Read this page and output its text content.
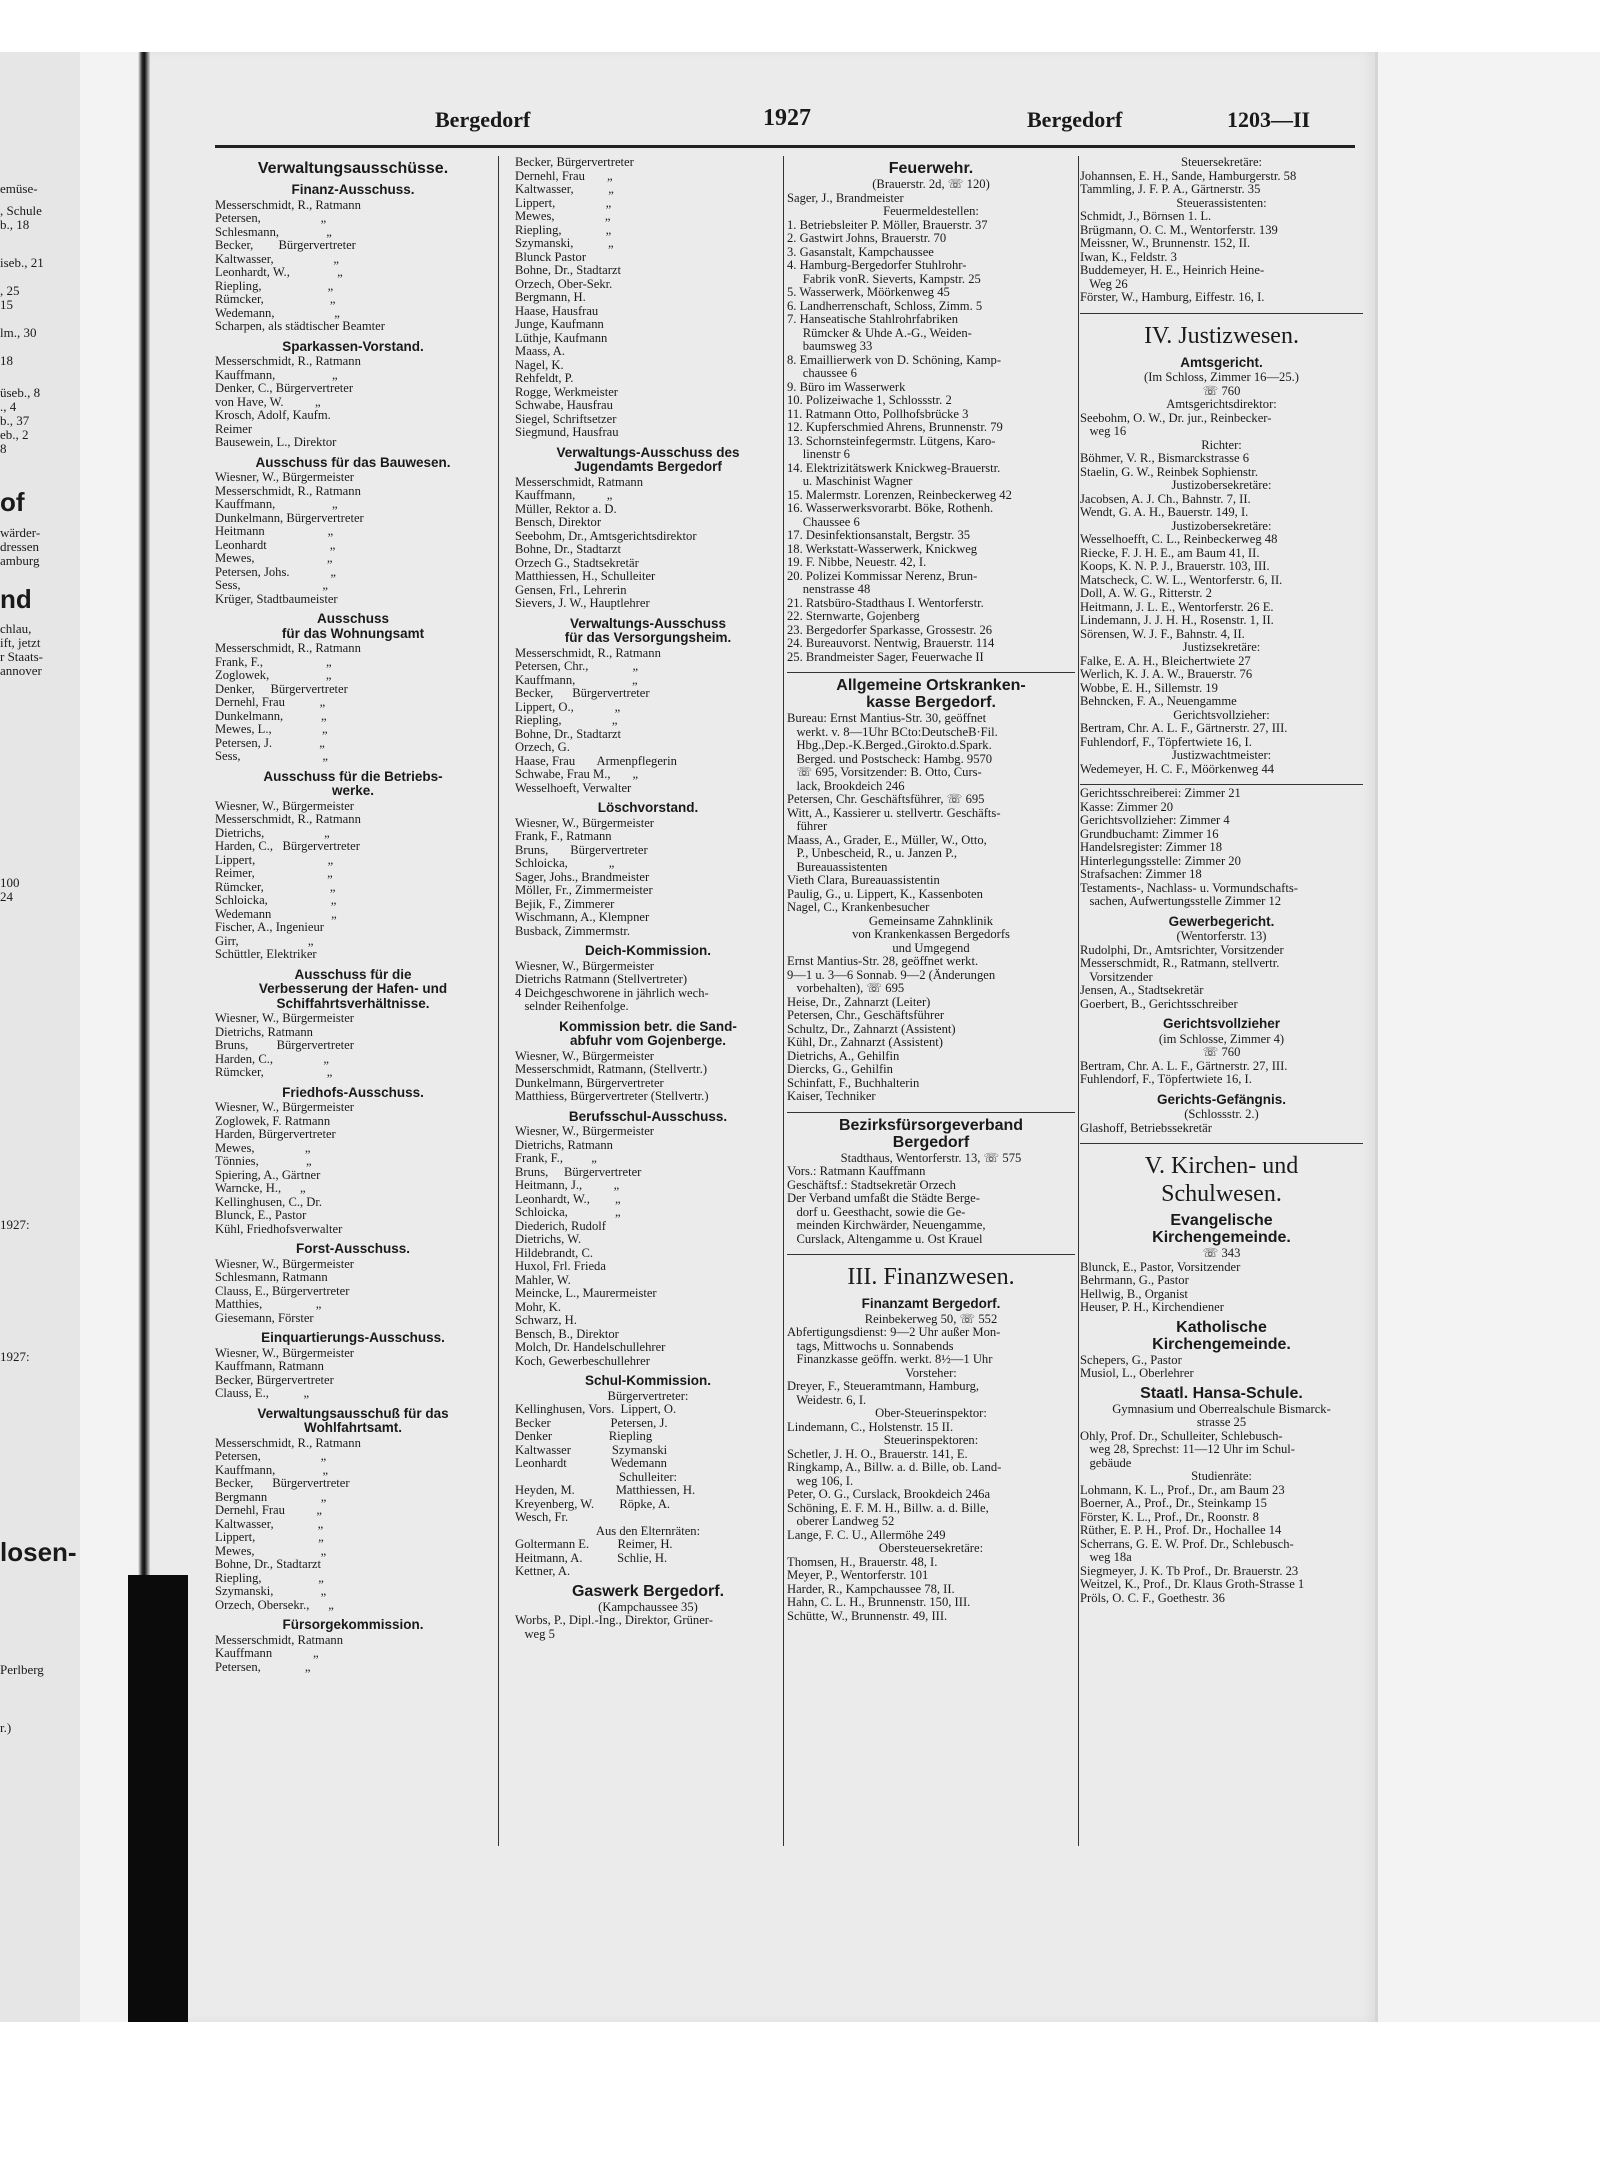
emüse-
, Schule
b., 18
iseb., 21
, 25
15
lm., 30
18
üseb., 8
., 4
b., 37
eb., 2
8
of
wärder-
dressen
amburg
nd
chlau,
ift, jetzt
r Staats-
annover
100
24
1927:
1927:
losen-
Perlberg
r.)
Bergedorf	1927	Bergedorf	1203—II
Verwaltungsausschüsse.
Finanz-Ausschuss.
Messerschmidt, R., Ratmann
Petersen,                   „
Schlesmann,               „
Becker,        Bürgervertreter
Kaltwasser,                   „
Leonhardt, W.,               „
Riepling,                     „
Rümcker,                     „
Wedemann,                   „
Scharpen, als städtischer Beamter
Sparkassen-Vorstand.
Messerschmidt, R., Ratmann
Kauffmann,                  „
Denker, C., Bürgervertreter
von Have, W.          „
Krosch, Adolf, Kaufm.
Reimer
Bausewein, L., Direktor
Ausschuss für das Bauwesen.
Wiesner, W., Bürgermeister
Messerschmidt, R., Ratmann
Kauffmann,                  „
Dunkelmann, Bürgervertreter
Heitmann                    „
Leonhardt                    „
Mewes,                       „
Petersen, Johs.             „
Sess,                          „
Krüger, Stadtbaumeister
Ausschuss
für das Wohnungsamt
Messerschmidt, R., Ratmann
Frank, F.,                    „
Zoglowek,                  „
Denker,     Bürgervertreter
Dernehl, Frau           „
Dunkelmann,            „
Mewes, L.,                „
Petersen, J.               „
Sess,                          „
Ausschuss für die Betriebs-
werke.
Wiesner, W., Bürgermeister
Messerschmidt, R., Ratmann
Dietrichs,                   „
Harden, C.,   Bürgervertreter
Lippert,                       „
Reimer,                       „
Rümcker,                     „
Schloicka,                    „
Wedemann                   „
Fischer, A., Ingenieur
Girr,                      „
Schüttler, Elektriker
Ausschuss für die
Verbesserung der Hafen- und
Schiffahrtsverhältnisse.
Wiesner, W., Bürgermeister
Dietrichs, Ratmann
Bruns,         Bürgervertreter
Harden, C.,                „
Rümcker,                    „
Friedhofs-Ausschuss.
Wiesner, W., Bürgermeister
Zoglowek, F. Ratmann
Harden, Bürgervertreter
Mewes,                „
Tönnies,               „
Spiering, A., Gärtner
Warncke, H.,      „
Kellinghusen, C., Dr.
Blunck, E., Pastor
Kühl, Friedhofsverwalter
Forst-Ausschuss.
Wiesner, W., Bürgermeister
Schlesmann, Ratmann
Clauss, E., Bürgervertreter
Matthies,                 „
Giesemann, Förster
Einquartierungs-Ausschuss.
Wiesner, W., Bürgermeister
Kauffmann, Ratmann
Becker, Bürgervertreter
Clauss, E.,           „
Verwaltungsausschuß für das
Wohlfahrtsamt.
Messerschmidt, R., Ratmann
Petersen,                   „
Kauffmann,               „
Becker,      Bürgervertreter
Bergmann                 „
Dernehl, Frau          „
Kaltwasser,              „
Lippert,                    „
Mewes,                     „
Bohne, Dr., Stadtarzt
Riepling,                  „
Szymanski,               „
Orzech, Obersekr.,      „
Fürsorgekommission.
Messerschmidt, Ratmann
Kauffmann             „
Petersen,              „
Becker, Bürgervertreter
Dernehl, Frau       „
Kaltwasser,           „
Lippert,                „
Mewes,                „
Riepling,              „
Szymanski,           „
Blunck Pastor
Bohne, Dr., Stadtarzt
Orzech, Ober-Sekr.
Bergmann, H.
Haase, Hausfrau
Junge, Kaufmann
Lüthje, Kaufmann
Maass, A.
Nagel, K.
Rehfeldt, P.
Rogge, Werkmeister
Schwabe, Hausfrau
Siegel, Schriftsetzer
Siegmund, Hausfrau
Verwaltungs-Ausschuss des
Jugendamts Bergedorf
Messerschmidt, Ratmann
Kauffmann,          „
Müller, Rektor a. D.
Bensch, Direktor
Seebohm, Dr., Amtsgerichtsdirektor
Bohne, Dr., Stadtarzt
Orzech G., Stadtsekretär
Matthiessen, H., Schulleiter
Gensen, Frl., Lehrerin
Sievers, J. W., Hauptlehrer
Verwaltungs-Ausschuss
für das Versorgungsheim.
Messerschmidt, R., Ratmann
Petersen, Chr.,              „
Kauffmann,                  „
Becker,      Bürgervertreter
Lippert, O.,             „
Riepling,                „
Bohne, Dr., Stadtarzt
Orzech, G.
Haase, Frau       Armenpflegerin
Schwabe, Frau M.,       „
Wesselhoeft, Verwalter
Löschvorstand.
Wiesner, W., Bürgermeister
Frank, F., Ratmann
Bruns,       Bürgervertreter
Schloicka,             „
Sager, Johs., Brandmeister
Möller, Fr., Zimmermeister
Bejik, F., Zimmerer
Wischmann, A., Klempner
Busback, Zimmermstr.
Deich-Kommission.
Wiesner, W., Bürgermeister
Dietrichs Ratmann (Stellvertreter)
4 Deichgeschworene in jährlich wech-
selnder Reihenfolge.
Kommission betr. die Sand-
abfuhr vom Gojenberge.
Wiesner, W., Bürgermeister
Messerschmidt, Ratmann, (Stellvertr.)
Dunkelmann, Bürgervertreter
Matthiess, Bürgervertreter (Stellvertr.)
Berufsschul-Ausschuss.
Wiesner, W., Bürgermeister
Dietrichs, Ratmann
Frank, F.,         „
Bruns,     Bürgervertreter
Heitmann, J.,          „
Leonhardt, W.,        „
Schloicka,               „
Diederich, Rudolf
Dietrichs, W.
Hildebrandt, C.
Huxol, Frl. Frieda
Mahler, W.
Meincke, L., Maurermeister
Mohr, K.
Schwarz, H.
Bensch, B., Direktor
Molch, Dr. Handelschullehrer
Koch, Gewerbeschullehrer
Schul-Kommission.
Bürgervertreter:
Kellinghusen, Vors.  Lippert, O.
Becker                   Petersen, J.
Denker                  Riepling
Kaltwasser             Szymanski
Leonhardt              Wedemann
Schulleiter:
Heyden, M.             Matthiessen, H.
Kreyenberg, W.        Röpke, A.
Wesch, Fr.
Aus den Elternräten:
Goltermann E.         Reimer, H.
Heitmann, A.           Schlie, H.
Kettner, A.
Gaswerk Bergedorf.
(Kampchaussee 35)
Worbs, P., Dipl.-Ing., Direktor, Grüner-
weg 5
Feuerwehr.
(Brauerstr. 2d, ☏ 120)
Sager, J., Brandmeister
Feuermeldestellen:
1. Betriebsleiter P. Möller, Brauerstr. 37
2. Gastwirt Johns, Brauerstr. 70
3. Gasanstalt, Kampchaussee
4. Hamburg-Bergedorfer Stuhlrohr-
Fabrik vonR. Sieverts, Kampstr. 25
5. Wasserwerk, Möörkenweg 45
6. Landherrenschaft, Schloss, Zimm. 5
7. Hanseatische Stahlrohrfabriken
Rümcker & Uhde A.-G., Weiden-
baumsweg 33
8. Emaillierwerk von D. Schöning, Kamp-
chaussee 6
9. Büro im Wasserwerk
10. Polizeiwache 1, Schlossstr. 2
11. Ratmann Otto, Pollhofsbrücke 3
12. Kupferschmied Ahrens, Brunnenstr. 79
13. Schornsteinfegermstr. Lütgens, Karo-
linenstr 6
14. Elektrizitätswerk Knickweg-Brauerstr.
u. Maschinist Wagner
15. Malermstr. Lorenzen, Reinbeckerweg 42
16. Wasserwerksvorarbt. Böke, Rothenh.
Chaussee 6
17. Desinfektionsanstalt, Bergstr. 35
18. Werkstatt-Wasserwerk, Knickweg
19. F. Nibbe, Neuestr. 42, I.
20. Polizei Kommissar Nerenz, Brun-
nenstrasse 48
21. Ratsbüro-Stadthaus I. Wentorferstr.
22. Sternwarte, Gojenberg
23. Bergedorfer Sparkasse, Grossestr. 26
24. Bureauvorst. Nentwig, Brauerstr. 114
25. Brandmeister Sager, Feuerwache II
Allgemeine Ortskranken-
kasse Bergedorf.
Bureau: Ernst Mantius-Str. 30, geöffnet
werkt. v. 8—1Uhr BCto:DeutscheB·Fil.
Hbg.,Dep.-K.Berged.,Girokto.d.Spark.
Berged. und Postscheck: Hambg. 9570
☏ 695, Vorsitzender: B. Otto, Curs-
lack, Brookdeich 246
Petersen, Chr. Geschäftsführer, ☏ 695
Witt, A., Kassierer u. stellvertr. Geschäfts-
führer
Maass, A., Grader, E., Müller, W., Otto,
P., Unbescheid, R., u. Janzen P.,
Bureauassistenten
Vieth Clara, Bureauassistentin
Paulig, G., u. Lippert, K., Kassenboten
Nagel, C., Krankenbesucher
Gemeinsame Zahnklinik
von Krankenkassen Bergedorfs
und Umgegend
Ernst Mantius-Str. 28, geöffnet werkt.
9—1 u. 3—6 Sonnab. 9—2 (Änderungen
vorbehalten), ☏ 695
Heise, Dr., Zahnarzt (Leiter)
Petersen, Chr., Geschäftsführer
Schultz, Dr., Zahnarzt (Assistent)
Kühl, Dr., Zahnarzt (Assistent)
Dietrichs, A., Gehilfin
Diercks, G., Gehilfin
Schinfatt, F., Buchhalterin
Kaiser, Techniker
Bezirksfürsorgeverband
Bergedorf
Stadthaus, Wentorferstr. 13, ☏ 575
Vors.: Ratmann Kauffmann
Geschäftsf.: Stadtsekretär Orzech
Der Verband umfaßt die Städte Berge-
dorf u. Geesthacht, sowie die Ge-
meinden Kirchwärder, Neuengamme,
Curslack, Altengamme u. Ost Krauel
III. Finanzwesen.
Finanzamt Bergedorf.
Reinbekerweg 50, ☏ 552
Abfertigungsdienst: 9—2 Uhr außer Mon-
tags, Mittwochs u. Sonnabends
Finanzkasse geöffn. werkt. 8½—1 Uhr
Vorsteher:
Dreyer, F., Steueramtmann, Hamburg,
Weidestr. 6, I.
Ober-Steuerinspektor:
Lindemann, C., Holstenstr. 15 II.
Steuerinspektoren:
Schetler, J. H. O., Brauerstr. 141, E.
Ringkamp, A., Billw. a. d. Bille, ob. Land-
weg 106, I.
Peter, O. G., Curslack, Brookdeich 246a
Schöning, E. F. M. H., Billw. a. d. Bille,
oberer Landweg 52
Lange, F. C. U., Allermöhe 249
Obersteuersekretäre:
Thomsen, H., Brauerstr. 48, I.
Meyer, P., Wentorferstr. 101
Harder, R., Kampchaussee 78, II.
Hahn, C. L. H., Brunnenstr. 150, III.
Schütte, W., Brunnenstr. 49, III.
Steuersekretäre:
Johannsen, E. H., Sande, Hamburgerstr. 58
Tammling, J. F. P. A., Gärtnerstr. 35
Steuerassistenten:
Schmidt, J., Börnsen 1. L.
Brügmann, O. C. M., Wentorferstr. 139
Meissner, W., Brunnenstr. 152, II.
Iwan, K., Feldstr. 3
Buddemeyer, H. E., Heinrich Heine-
Weg 26
Förster, W., Hamburg, Eiffestr. 16, I.
IV. Justizwesen.
Amtsgericht.
(Im Schloss, Zimmer 16—25.)
☏ 760
Amtsgerichtsdirektor:
Seebohm, O. W., Dr. jur., Reinbecker-
weg 16
Richter:
Böhmer, V. R., Bismarckstrasse 6
Staelin, G. W., Reinbek Sophienstr.
Justizobersekretäre:
Jacobsen, A. J. Ch., Bahnstr. 7, II.
Wendt, G. A. H., Bauerstr. 149, I.
Justizobersekretäre:
Wesselhoefft, C. L., Reinbeckerweg 48
Riecke, F. J. H. E., am Baum 41, II.
Koops, K. N. P. J., Brauerstr. 103, III.
Matscheck, C. W. L., Wentorferstr. 6, II.
Doll, A. W. G., Ritterstr. 2
Heitmann, J. L. E., Wentorferstr. 26 E.
Lindemann, J. J. H. H., Rosenstr. 1, II.
Sörensen, W. J. F., Bahnstr. 4, II.
Justizsekretäre:
Falke, E. A. H., Bleichertwiete 27
Werlich, K. J. A. W., Brauerstr. 76
Wobbe, E. H., Sillemstr. 19
Behncken, F. A., Neuengamme
Gerichtsvollzieher:
Bertram, Chr. A. L. F., Gärtnerstr. 27, III.
Fuhlendorf, F., Töpfertwiete 16, I.
Justizwachtmeister:
Wedemeyer, H. C. F., Möörkenweg 44
Gerichtsschreiberei: Zimmer 21
Kasse: Zimmer 20
Gerichtsvollzieher: Zimmer 4
Grundbuchamt: Zimmer 16
Handelsregister: Zimmer 18
Hinterlegungsstelle: Zimmer 20
Strafsachen: Zimmer 18
Testaments-, Nachlass- u. Vormundschafts-
sachen, Aufwertungsstelle Zimmer 12
Gewerbegericht.
(Wentorferstr. 13)
Rudolphi, Dr., Amtsrichter, Vorsitzender
Messerschmidt, R., Ratmann, stellvertr.
Vorsitzender
Jensen, A., Stadtsekretär
Goerbert, B., Gerichtsschreiber
Gerichtsvollzieher
(im Schlosse, Zimmer 4)
☏ 760
Bertram, Chr. A. L. F., Gärtnerstr. 27, III.
Fuhlendorf, F., Töpfertwiete 16, I.
Gerichts-Gefängnis.
(Schlossstr. 2.)
Glashoff, Betriebssekretär
V. Kirchen- und
Schulwesen.
Evangelische
Kirchengemeinde.
☏ 343
Blunck, E., Pastor, Vorsitzender
Behrmann, G., Pastor
Hellwig, B., Organist
Heuser, P. H., Kirchendiener
Katholische
Kirchengemeinde.
Schepers, G., Pastor
Musiol, L., Oberlehrer
Staatl. Hansa-Schule.
Gymnasium und Oberrealschule Bismarck-
strasse 25
Ohly, Prof. Dr., Schulleiter, Schlebusch-
weg 28, Sprechst: 11—12 Uhr im Schul-
gebäude
Studienräte:
Lohmann, K. L., Prof., Dr., am Baum 23
Boerner, A., Prof., Dr., Steinkamp 15
Förster, K. L., Prof., Dr., Roonstr. 8
Rüther, E. P. H., Prof. Dr., Hochallee 14
Scherrans, G. E. W. Prof. Dr., Schlebusch-
weg 18a
Siegmeyer, J. K. Tb Prof., Dr. Brauerstr. 23
Weitzel, K., Prof., Dr. Klaus Groth-Strasse 1
Pröls, O. C. F., Goethestr. 36
